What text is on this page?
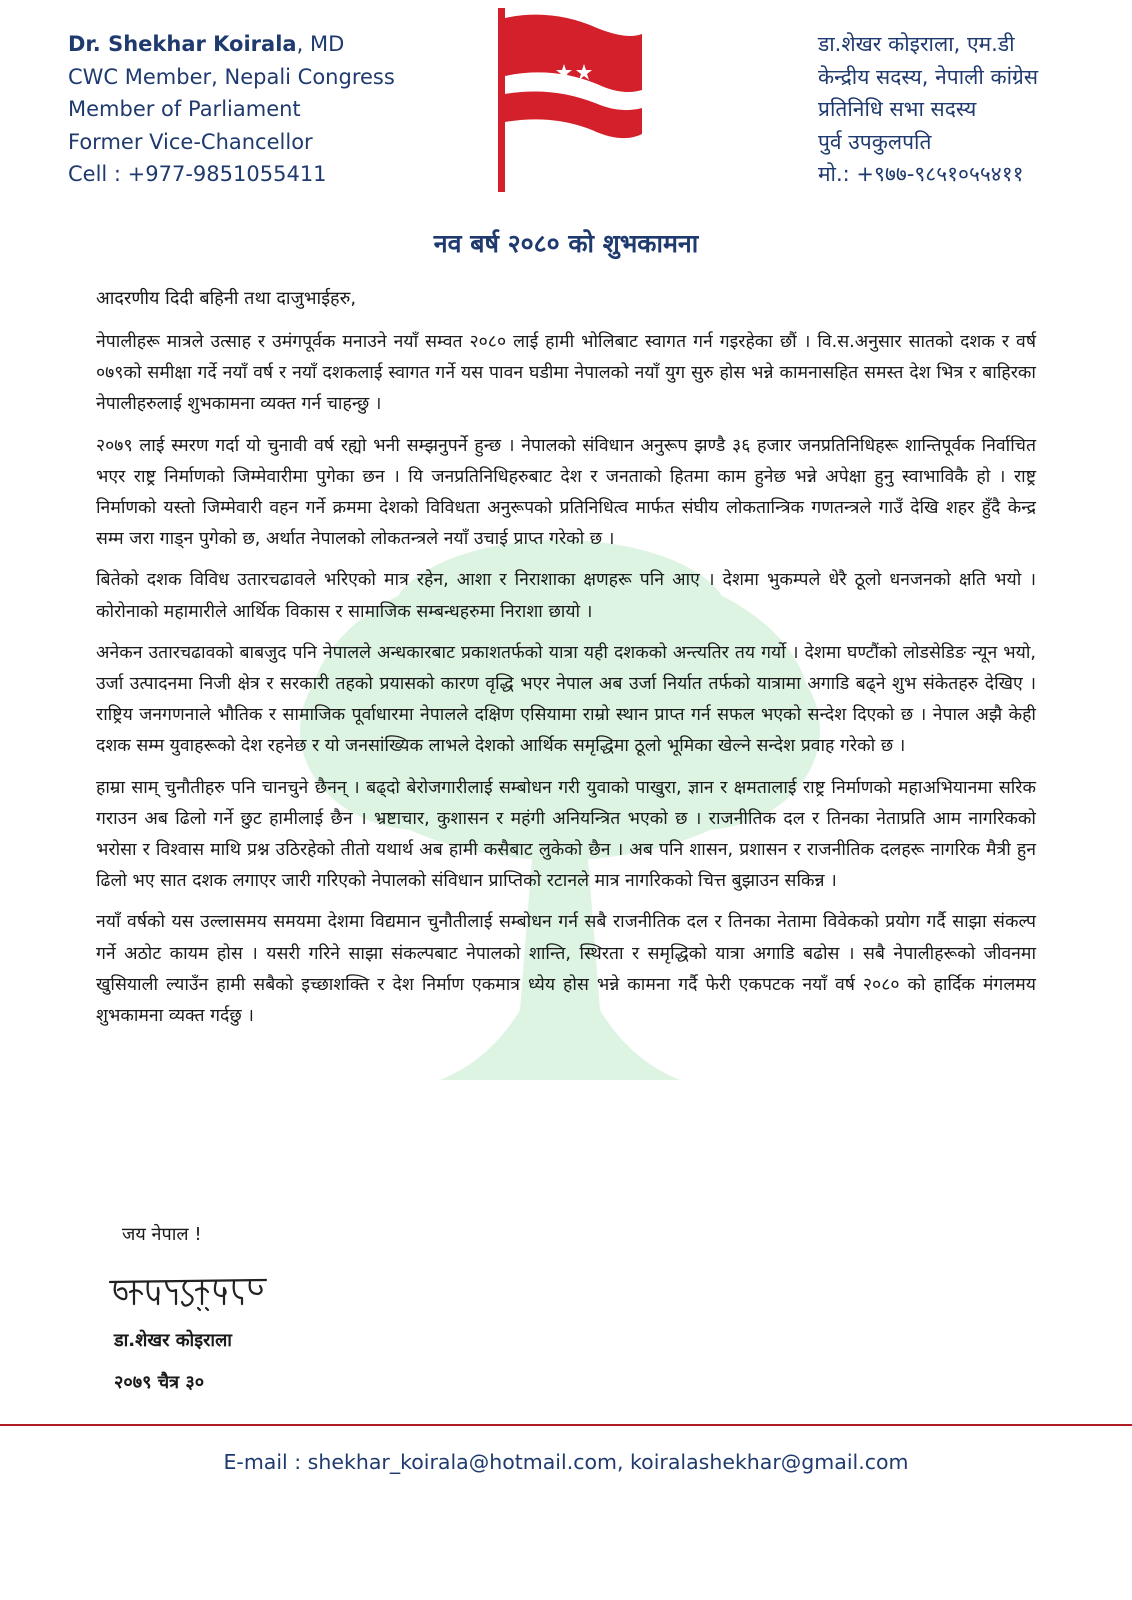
Dr. Shekhar Koirala, MD
CWC Member, Nepali Congress
Member of Parliament
Former Vice-Chancellor
Cell : +977-9851055411
डा.शेखर कोइराला, एम.डी
केन्द्रीय सदस्य, नेपाली कांग्रेस
प्रतिनिधि सभा सदस्य
पुर्व उपकुलपति
मो.: +९७७-९८५१०५५४११
नव बर्ष २०८० को शुभकामना
आदरणीय दिदी बहिनी तथा दाजुभाईहरु,

नेपालीहरू मात्रले उत्साह र उमंगपूर्वक मनाउने नयाँ सम्वत २०८० लाई हामी भोलिबाट स्वागत गर्न गइरहेका छौं । वि.स.अनुसार सातको दशक र वर्ष ०७९को समीक्षा गर्दे नयाँ वर्ष र नयाँ दशकलाई स्वागत गर्ने यस पावन घडीमा नेपालको नयाँ युग सुरु होस भन्ने कामनासहित समस्त देश भित्र र बाहिरका नेपालीहरुलाई शुभकामना व्यक्त गर्न चाहन्छु ।

२०७९ लाई स्मरण गर्दा यो चुनावी वर्ष रह्यो भनी सम्झनुपर्ने हुन्छ । नेपालको संविधान अनुरूप झण्डै ३६ हजार जनप्रतिनिधिहरू शान्तिपूर्वक निर्वाचित भएर राष्ट्र निर्माणको जिम्मेवारीमा पुगेका छन । यि जनप्रतिनिधिहरुबाट देश र जनताको हितमा काम हुनेछ भन्ने अपेक्षा हुनु स्वाभाविकै हो । राष्ट्र निर्माणको यस्तो जिम्मेवारी वहन गर्ने क्रममा देशको विविधता अनुरूपको प्रतिनिधित्व मार्फत संघीय लोकतान्त्रिक गणतन्त्रले गाउँ देखि शहर हुँदै केन्द्र सम्म जरा गाड्न पुगेको छ, अर्थात नेपालको लोकतन्त्रले नयाँ उचाई प्राप्त गरेको छ ।

बितेको दशक विविध उतारचढावले भरिएको मात्र रहेन, आशा र निराशाका क्षणहरू पनि आए । देशमा भुकम्पले धेरै ठूलो धनजनको क्षति भयो । कोरोनाको महामारीले आर्थिक विकास र सामाजिक सम्बन्धहरुमा निराशा छायो ।

अनेकन उतारचढावको बाबजुद पनि नेपालले अन्धकारबाट प्रकाशतर्फको यात्रा यही दशकको अन्त्यतिर तय गर्यो । देशमा घण्टौंको लोडसेडिङ न्यून भयो, उर्जा उत्पादनमा निजी क्षेत्र र सरकारी तहको प्रयासको कारण वृद्धि भएर नेपाल अब उर्जा निर्यात तर्फको यात्रामा अगाडि बढ्ने शुभ संकेतहरु देखिए । राष्ट्रिय जनगणनाले भौतिक र सामाजिक पूर्वाधारमा नेपालले दक्षिण एसियामा राम्रो स्थान प्राप्त गर्न सफल भएको सन्देश दिएको छ । नेपाल अझै केही दशक सम्म युवाहरूको देश रहनेछ र यो जनसांख्यिक लाभले देशको आर्थिक समृद्धिमा ठूलो भूमिका खेल्ने सन्देश प्रवाह गरेको छ ।

हाम्रा साम् चुनौतीहरु पनि चानचुने छैनन् । बढ्दो बेरोजगारीलाई सम्बोधन गरी युवाको पाखुरा, ज्ञान र क्षमतालाई राष्ट्र निर्माणको महाअभियानमा सरिक गराउन अब ढिलो गर्ने छुट हामीलाई छैन । भ्रष्टाचार, कुशासन र महंगी अनियन्त्रित भएको छ । राजनीतिक दल र तिनका नेताप्रति आम नागरिकको भरोसा र विश्वास माथि प्रश्न उठिरहेको तीतो यथार्थ अब हामी कसैबाट लुकेको छैन । अब पनि शासन, प्रशासन र राजनीतिक दलहरू नागरिक मैत्री हुन ढिलो भए सात दशक लगाएर जारी गरिएको नेपालको संविधान प्राप्तिको रटानले मात्र नागरिकको चित्त बुझाउन सकिन्न ।

नयाँ वर्षको यस उल्लासमय समयमा देशमा विद्यमान चुनौतीलाई सम्बोधन गर्न सबै राजनीतिक दल र तिनका नेतामा विवेकको प्रयोग गर्दै साझा संकल्प गर्ने अठोट कायम होस । यसरी गरिने साझा संकल्पबाट नेपालको शान्ति, स्थिरता र समृद्धिको यात्रा अगाडि बढोस । सबै नेपालीहरूको जीवनमा खुसियाली ल्याउँन हामी सबैको इच्छाशक्ति र देश निर्माण एकमात्र ध्येय होस भन्ने कामना गर्दै फेरी एकपटक नयाँ वर्ष २०८० को हार्दिक मंगलमय शुभकामना व्यक्त गर्दछु ।

जय नेपाल !
डा.शेखर कोइराला
२०७९ चैत्र ३०
E-mail : shekhar_koirala@hotmail.com, koiralashekhar@gmail.com
